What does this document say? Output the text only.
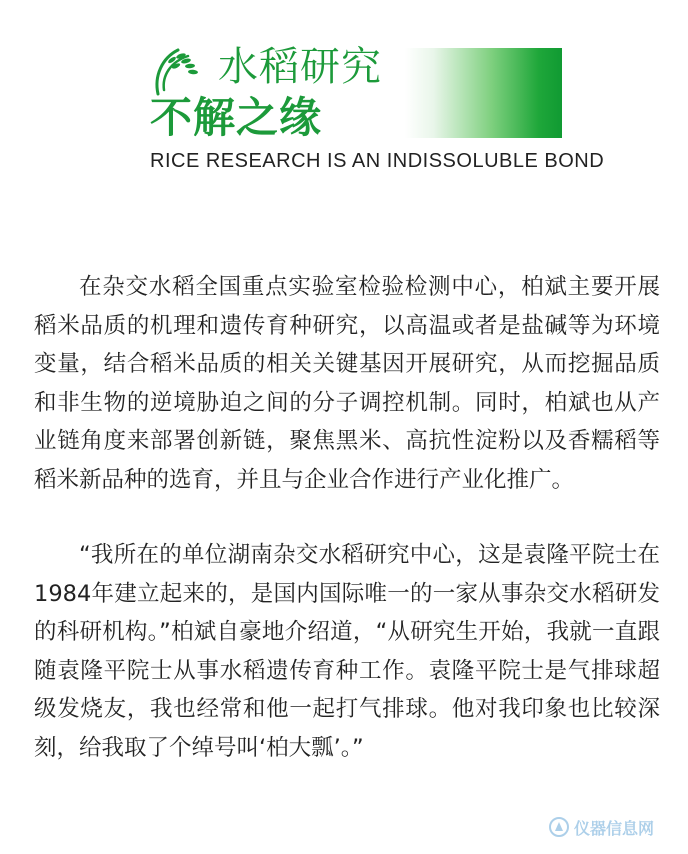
水稻研究
不解之缘
RICE RESEARCH IS AN INDISSOLUBLE BOND

在杂交水稻全国重点实验室检验检测中心，柏斌主要开展稻米品质的机理和遗传育种研究，以高温或者是盐碱等为环境变量，结合稻米品质的相关关键基因开展研究，从而挖掘品质和非生物的逆境胁迫之间的分子调控机制。同时，柏斌也从产业链角度来部署创新链，聚焦黑米、高抗性淀粉以及香糯稻等稻米新品种的选育，并且与企业合作进行产业化推广。

“我所在的单位湖南杂交水稻研究中心，这是袁隆平院士在1984年建立起来的，是国内国际唯一的一家从事杂交水稻研发的科研机构。”柏斌自豪地介绍道，“从研究生开始，我就一直跟随袁隆平院士从事水稻遗传育种工作。袁隆平院士是气排球超级发烧友，我也经常和他一起打气排球。他对我印象也比较深刻，给我取了个绰号叫‘柏大瓢’。”

仪器信息网
